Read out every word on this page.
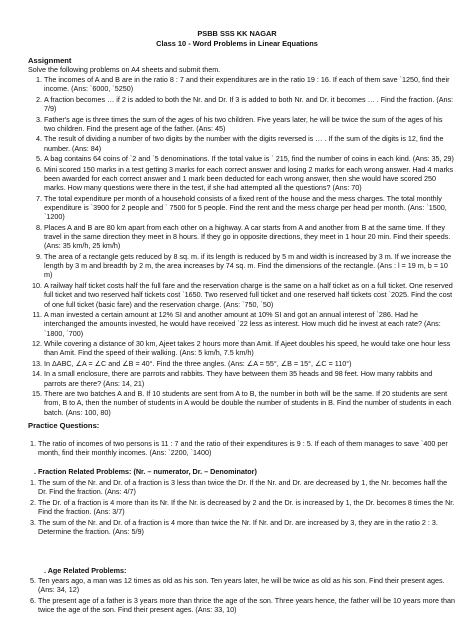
PSBB SSS KK NAGAR
Class 10 - Word Problems in Linear Equations
Assignment
Solve the following problems on A4 sheets and submit them.
1. The incomes of A and B are in the ratio 8 : 7 and their expenditures are in the ratio 19 : 16. If each of them save `1250, find their income. (Ans: `6000, `5250)
2. A fraction becomes … if 2 is added to both the Nr. and Dr. If 3 is added to both Nr. and Dr. it becomes … . Find the fraction. (Ans: 7/9)
3. Father's age is three times the sum of the ages of his two children. Five years later, he will be twice the sum of the ages of his two children. Find the present age of the father. (Ans: 45)
4. The result of dividing a number of two digits by the number with the digits reversed is … . If the sum of the digits is 12, find the number. (Ans: 84)
5. A bag contains 64 coins of `2 and `5 denominations. If the total value is ` 215, find the number of coins in each kind. (Ans: 35, 29)
6. Mini scored 150 marks in a test getting 3 marks for each correct answer and losing 2 marks for each wrong answer. Had 4 marks been awarded for each correct answer and 1 mark been deducted for each wrong answer, then she would have scored 250 marks. How many questions were there in the test, if she had attempted all the questions? (Ans: 70)
7. The total expenditure per month of a household consists of a fixed rent of the house and the mess charges. The total monthly expenditure is `3900 for 2 people and ` 7500 for 5 people. Find the rent and the mess charge per head per month. (Ans: `1500, `1200)
8. Places A and B are 80 km apart from each other on a highway. A car starts from A and another from B at the same time. If they travel in the same direction they meet in 8 hours. If they go in opposite directions, they meet in 1 hour 20 min. Find their speeds. (Ans: 35 km/h, 25 km/h)
9. The area of a rectangle gets reduced by 8 sq. m. if its length is reduced by 5 m and width is increased by 3 m. If we increase the length by 3 m and breadth by 2 m, the area increases by 74 sq. m. Find the dimensions of the rectangle. (Ans : l = 19 m, b = 10 m)
10. A railway half ticket costs half the full fare and the reservation charge is the same on a half ticket as on a full ticket. One reserved full ticket and two reserved half tickets cost `1650. Two reserved full ticket and one reserved half tickets cost `2025. Find the cost of one full ticket (basic fare) and the reservation charge. (Ans: `750, `50)
11. A man invested a certain amount at 12% SI and another amount at 10% SI and got an annual interest of `286. Had he interchanged the amounts invested, he would have received `22 less as interest. How much did he invest at each rate? (Ans: `1800, `700)
12. While covering a distance of 30 km, Ajeet takes 2 hours more than Amit. If Ajeet doubles his speed, he would take one hour less than Amit. Find the speed of their walking. (Ans: 5 km/h, 7.5 km/h)
13. In ΔABC, ∠A = ∠C and ∠B = 40°. Find the three angles. (Ans: ∠A = 55°, ∠B = 15°, ∠C = 110°)
14. In a small enclosure, there are parrots and rabbits. They have between them 35 heads and 98 feet. How many rabbits and parrots are there? (Ans: 14, 21)
15. There are two batches A and B. If 10 students are sent from A to B, the number in both will be the same. If 20 students are sent from, B to A, then the number of students in A would be double the number of students in B. Find the number of students in each batch. (Ans: 100, 80)
Practice Questions:
1. The ratio of incomes of two persons is 11 : 7 and the ratio of their expenditures is 9 : 5. If each of them manages to save `400 per month, find their monthly incomes. (Ans: `2200, `1400)
. Fraction Related Problems: (Nr. – numerator, Dr. – Denominator)
1. The sum of the Nr. and Dr. of a fraction is 3 less than twice the Dr. If the Nr. and Dr. are decreased by 1, the Nr. becomes half the Dr. Find the fraction. (Ans: 4/7)
2. The Dr. of a fraction is 4 more than its Nr. If the Nr. is decreased by 2 and the Dr. is increased by 1, the Dr. becomes 8 times the Nr. Find the fraction. (Ans: 3/7)
3. The sum of the Nr. and Dr. of a fraction is 4 more than twice the Nr. If Nr. and Dr. are increased by 3, they are in the ratio 2 : 3. Determine the fraction. (Ans: 5/9)
. Age Related Problems:
5. Ten years ago, a man was 12 times as old as his son. Ten years later, he will be twice as old as his son. Find their present ages. (Ans: 34, 12)
6. The present age of a father is 3 years more than thrice the age of the son. Three years hence, the father will be 10 years more than twice the age of the son. Find their present ages. (Ans: 33, 10)
